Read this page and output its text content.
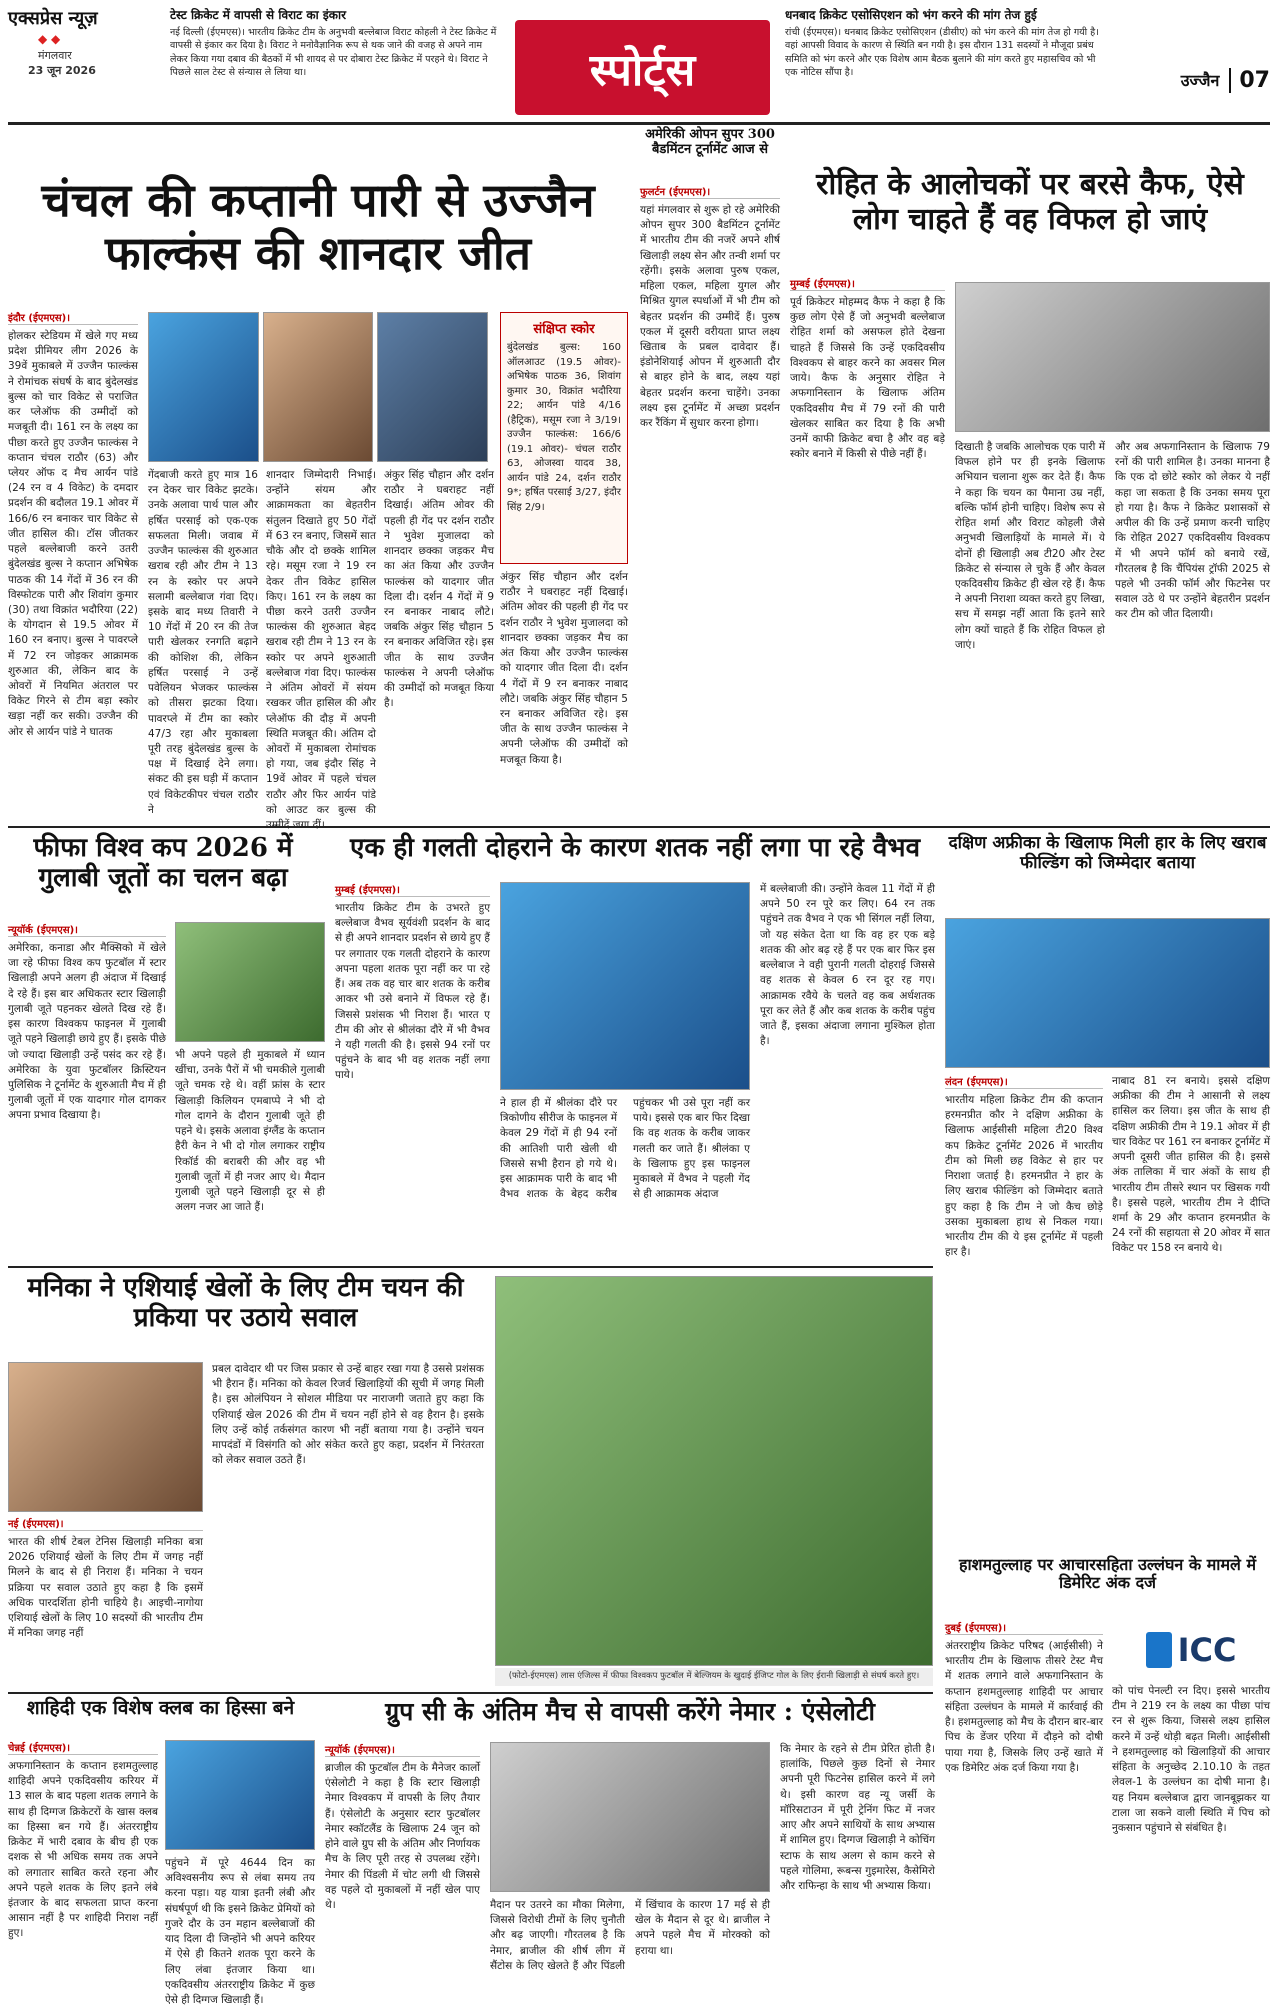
एक्सप्रेस न्यूज़
◆ ◆
मंगलवार
23 जून 2026
टेस्ट क्रिकेट में वापसी से विराट का इंकार

नई दिल्ली (ईएमएस)। भारतीय क्रिकेट टीम के अनुभवी बल्लेबाज विराट कोहली ने टेस्ट क्रिकेट में वापसी से इंकार कर दिया है। विराट ने मनोवैज्ञानिक रूप से थक जाने की वजह से अपने नाम लेकर किया गया दबाव की बैठकों में भी शायद से पर दोबारा टेस्ट क्रिकेट में परहने थे। विराट ने पिछले साल टेस्ट से संन्यास ले लिया था।	स्पोर्ट्स
धनबाद क्रिकेट एसोसिएशन को भंग करने की मांग तेज हुई

रांची (ईएमएस)। धनबाद क्रिकेट एसोसिएशन (डीसीए) को भंग करने की मांग तेज हो गयी है। वहां आपसी विवाद के कारण से स्थिति बन गयी है। इस दौरान 131 सदस्यों ने मौजूदा प्रबंध समिति को भंग करने और एक विशेष आम बैठक बुलाने की मांग करते हुए महासचिव को भी एक नोटिस सौंपा है।	उज्जैन 07
चंचल की कप्तानी पारी से उज्जैन फाल्कंस की शानदार जीत
इंदौर (ईएमएस)।
होलकर स्टेडियम में खेले गए मध्य प्रदेश प्रीमियर लीग 2026 के 39वें मुकाबले में उज्जैन फाल्कंस ने रोमांचक संघर्ष के बाद बुंदेलखंड बुल्स को चार विकेट से पराजित कर प्लेऑफ की उम्मीदों को मजबूती दी। 161 रन के लक्ष्य का पीछा करते हुए उज्जैन फाल्कंस ने कप्तान चंचल राठौर (63) और प्लेयर ऑफ द मैच आर्यन पांडे (24 रन व 4 विकेट) के दमदार प्रदर्शन की बदौलत 19.1 ओवर में 166/6 रन बनाकर चार विकेट से जीत हासिल की। टॉस जीतकर पहले बल्लेबाजी करने उतरी बुंदेलखंड बुल्स ने कप्तान अभिषेक पाठक की 14 गेंदों में 36 रन की विस्फोटक पारी और शिवांग कुमार (30) तथा विक्रांत भदौरिया (22) के योगदान से 19.5 ओवर में 160 रन बनाए। बुल्स ने पावरप्ले में 72 रन जोड़कर आक्रामक शुरुआत की, लेकिन बाद के ओवरों में नियमित अंतराल पर विकेट गिरने से टीम बड़ा स्कोर खड़ा नहीं कर सकी। उज्जैन की ओर से आर्यन पांडे ने घातक
गेंदबाजी करते हुए मात्र 16 रन देकर चार विकेट झटके। उनके अलावा पार्थ पाल और हर्षित परसाई को एक-एक सफलता मिली। जवाब में उज्जैन फाल्कंस की शुरुआत खराब रही और टीम ने 13 रन के स्कोर पर अपने सलामी बल्लेबाज गंवा दिए। इसके बाद मध्य तिवारी ने 10 गेंदों में 20 रन की तेज पारी खेलकर रनगति बढ़ाने की कोशिश की, लेकिन हर्षित परसाई ने उन्हें पवेलियन भेजकर फाल्कंस को तीसरा झटका दिया। पावरप्ले में टीम का स्कोर 47/3 रहा और मुकाबला पूरी तरह बुंदेलखंड बुल्स के पक्ष में दिखाई देने लगा। संकट की इस घड़ी में कप्तान एवं विकेटकीपर चंचल राठौर ने
शानदार जिम्मेदारी निभाई। उन्होंने संयम और आक्रामकता का बेहतरीन संतुलन दिखाते हुए 50 गेंदों में 63 रन बनाए, जिसमें सात चौके और दो छक्के शामिल रहे। मसूम रजा ने 19 रन देकर तीन विकेट हासिल किए। 161 रन के लक्ष्य का पीछा करने उतरी उज्जैन फाल्कंस की शुरुआत बेहद खराब रही टीम ने 13 रन के स्कोर पर अपने शुरुआती बल्लेबाज गंवा दिए। फाल्कंस ने अंतिम ओवरों में संयम रखकर जीत हासिल की और प्लेऑफ की दौड़ में अपनी स्थिति मजबूत की। अंतिम दो ओवरों में मुकाबला रोमांचक हो गया, जब इंदौर सिंह ने 19वें ओवर में पहले चंचल राठौर और फिर आर्यन पांडे को आउट कर बुल्स की
अंकुर सिंह चौहान और दर्शन राठौर ने घबराहट नहीं दिखाई। अंतिम ओवर की पहली ही गेंद पर दर्शन राठौर ने भुवेश मुजालदा को शानदार छक्का जड़कर मैच का अंत किया और उज्जैन फाल्कंस को यादगार जीत दिला दी। दर्शन 4 गेंदों में 9 रन बनाकर नाबाद लौटे। जबकि अंकुर सिंह चौहान 5 रन बनाकर अविजित रहे। इस जीत के साथ उज्जैन फाल्कंस ने अपनी प्लेऑफ की उम्मीदों को मजबूत किया है।
संक्षिप्त स्कोर
बुंदेलखंड बुल्स: 160 ऑलआउट (19.5 ओवर)- अभिषेक पाठक 36, शिवांग कुमार 30, विक्रांत भदौरिया 22; आर्यन पांडे 4/16 (हैट्रिक), मसूम रजा ने 3/19। उज्जैन फाल्कंस: 166/6 (19.1 ओवर)- चंचल राठौर 63, ओजस्वा यादव 38, आर्यन पांडे 24, दर्शन राठौर 9*; हर्षित परसाई 3/27, इंदौर सिंह 2/9।
अंकुर सिंह चौहान और दर्शन राठौर ने घबराहट नहीं दिखाई। अंतिम ओवर की पहली ही गेंद पर दर्शन राठौर ने भुवेश मुजालदा को शानदार छक्का जड़कर मैच का अंत किया और उज्जैन फाल्कंस को यादगार जीत दिला दी। दर्शन 4 गेंदों में 9 रन बनाकर नाबाद लौटे। जबकि अंकुर सिंह चौहान 5 रन बनाकर अविजित रहे। इस जीत के साथ उज्जैन फाल्कंस ने अपनी प्लेऑफ की उम्मीदों को मजबूत किया है।
अमेरिकी ओपन सुपर 300 बैडमिंटन टूर्नामेंट आज से
फुलर्टन (ईएमएस)।
यहां मंगलवार से शुरू हो रहे अमेरिकी ओपन सुपर 300 बैडमिंटन टूर्नामेंट में भारतीय टीम की नजरें अपने शीर्ष खिलाड़ी लक्ष्य सेन और तन्वी शर्मा पर रहेंगी। इसके अलावा पुरुष एकल, महिला एकल, महिला युगल और मिश्रित युगल स्पर्धाओं में भी टीम को बेहतर प्रदर्शन की उम्मीदें हैं। पुरुष एकल में दूसरी वरीयता प्राप्त लक्ष्य खिताब के प्रबल दावेदार हैं। इंडोनेशियाई ओपन में शुरुआती दौर से बाहर होने के बाद, लक्ष्य यहां बेहतर प्रदर्शन करना चाहेंगे। उनका लक्ष्य इस टूर्नामेंट में अच्छा प्रदर्शन कर रैंकिंग में सुधार करना होगा।
रोहित के आलोचकों पर बरसे कैफ, ऐसे लोग चाहते हैं वह विफल हो जाएं
मुम्बई (ईएमएस)।
पूर्व क्रिकेटर मोहम्मद कैफ ने कहा है कि कुछ लोग ऐसे हैं जो अनुभवी बल्लेबाज रोहित शर्मा को असफल होते देखना चाहते हैं जिससे कि उन्हें एकदिवसीय विश्वकप से बाहर करने का अवसर मिल जाये। कैफ के अनुसार रोहित ने अफगानिस्तान के खिलाफ अंतिम एकदिवसीय मैच में 79 रनों की पारी खेलकर साबित कर दिया है कि अभी उनमें काफी क्रिकेट बचा है और वह बड़े स्कोर बनाने में किसी से पीछे नहीं हैं।
दिखाती है जबकि आलोचक एक पारी में विफल होने पर ही इनके खिलाफ अभियान चलाना शुरू कर देते हैं। कैफ ने कहा कि चयन का पैमाना उम्र नहीं, बल्कि फॉर्म होनी चाहिए। विशेष रूप से रोहित शर्मा और विराट कोहली जैसे अनुभवी खिलाड़ियों के मामले में। ये दोनों ही खिलाड़ी अब टी20 और टेस्ट क्रिकेट से संन्यास ले चुके हैं और केवल एकदिवसीय क्रिकेट ही खेल रहे हैं। कैफ ने अपनी निराशा व्यक्त करते हुए लिखा, सच में समझ नहीं आता कि इतने सारे लोग क्यों चाहते हैं कि रोहित विफल हो जाएं।
और अब अफगानिस्तान के खिलाफ 79 रनों की पारी शामिल है। उनका मानना है कि एक दो छोटे स्कोर को लेकर ये नहीं कहा जा सकता है कि उनका समय पूरा हो गया है। कैफ ने क्रिकेट प्रशासकों से अपील की कि उन्हें प्रमाण करनी चाहिए कि रोहित 2027 एकदिवसीय विश्वकप में भी अपने फॉर्म को बनाये रखें, गौरतलब है कि चैंपियंस ट्रॉफी 2025 से पहले भी उनकी फॉर्म और फिटनेस पर सवाल उठे थे पर उन्होंने बेहतरीन प्रदर्शन कर टीम को जीत दिलायी।
फीफा विश्व कप 2026 में गुलाबी जूतों का चलन बढ़ा
न्यूयॉर्क (ईएमएस)।
अमेरिका, कनाडा और मैक्सिको में खेले जा रहे फीफा विश्व कप फुटबॉल में स्टार खिलाड़ी अपने अलग ही अंदाज में दिखाई दे रहे हैं। इस बार अधिकतर स्टार खिलाड़ी गुलाबी जूते पहनकर खेलते दिख रहे हैं। इस कारण विश्वकप फाइनल में गुलाबी जूते पहने खिलाड़ी छाये हुए हैं। इसके पीछे जो ज्यादा खिलाड़ी उन्हें पसंद कर रहे हैं। अमेरिका के युवा फुटबॉलर क्रिस्टियन पुलिसिक ने टूर्नामेंट के शुरुआती मैच में ही गुलाबी जूतों में एक यादगार गोल दागकर अपना प्रभाव दिखाया है।
भी अपने पहले ही मुकाबले में ध्यान खींचा, उनके पैरों में भी चमकीले गुलाबी जूते चमक रहे थे। वहीं फ्रांस के स्टार खिलाड़ी किलियन एमबाप्पे ने भी दो गोल दागने के दौरान गुलाबी जूते ही पहने थे। इसके अलावा इंग्लैंड के कप्तान हैरी केन ने भी दो गोल लगाकर राष्ट्रीय रिकॉर्ड की बराबरी की और वह भी गुलाबी जूतों में ही नजर आए थे। मैदान गुलाबी जूते पहने खिलाड़ी दूर से ही अलग नजर आ जाते हैं।
एक ही गलती दोहराने के कारण शतक नहीं लगा पा रहे वैभव
मुम्बई (ईएमएस)।
भारतीय क्रिकेट टीम के उभरते हुए बल्लेबाज वैभव सूर्यवंशी प्रदर्शन के बाद से ही अपने शानदार प्रदर्शन से छाये हुए हैं पर लगातार एक गलती दोहराने के कारण अपना पहला शतक पूरा नहीं कर पा रहे हैं। अब तक वह चार बार शतक के करीब आकर भी उसे बनाने में विफल रहे हैं। जिससे प्रशंसक भी निराश हैं। भारत ए टीम की ओर से श्रीलंका दौरे में भी वैभव ने यही गलती की है। इससे 94 रनों पर पहुंचने के बाद भी वह शतक नहीं लगा पाये।
ने हाल ही में श्रीलंका दौरे पर त्रिकोणीय सीरीज के फाइनल में केवल 29 गेंदों में ही 94 रनों की आतिशी पारी खेली थी जिससे सभी हैरान हो गये थे। इस आक्रामक पारी के बाद भी वैभव शतक के बेहद करीब पहुंचकर भी उसे पूरा नहीं कर पाये। इससे एक बार फिर दिखा कि वह शतक के करीब जाकर गलती कर जाते हैं। श्रीलंका ए के खिलाफ हुए इस फाइनल मुकाबले में वैभव ने पहली गेंद से ही आक्रामक अंदाज
में बल्लेबाजी की। उन्होंने केवल 11 गेंदों में ही अपने 50 रन पूरे कर लिए। 64 रन तक पहुंचने तक वैभव ने एक भी सिंगल नहीं लिया, जो यह संकेत देता था कि वह हर एक बड़े शतक की ओर बढ़ रहे हैं पर एक बार फिर इस बल्लेबाज ने वही पुरानी गलती दोहराई जिससे वह शतक से केवल 6 रन दूर रह गए। आक्रामक रवैये के चलते वह कब अर्धशतक पूरा कर लेते हैं और कब शतक के करीब पहुंच जाते हैं, इसका अंदाजा लगाना मुश्किल होता है।
दक्षिण अफ्रीका के खिलाफ मिली हार के लिए खराब फील्डिंग को जिम्मेदार बताया
लंदन (ईएमएस)।
भारतीय महिला क्रिकेट टीम की कप्तान हरमनप्रीत कौर ने दक्षिण अफ्रीका के खिलाफ आईसीसी महिला टी20 विश्व कप क्रिकेट टूर्नामेंट 2026 में भारतीय टीम को मिली छह विकेट से हार पर निराशा जताई है। हरमनप्रीत ने हार के लिए खराब फील्डिंग को जिम्मेदार बताते हुए कहा है कि टीम ने जो कैच छोड़े उसका मुकाबला हाथ से निकल गया। भारतीय टीम की ये इस टूर्नामेंट में पहली हार है।
नाबाद 81 रन बनाये। इससे दक्षिण अफ्रीका की टीम ने आसानी से लक्ष्य हासिल कर लिया। इस जीत के साथ ही दक्षिण अफ्रीकी टीम ने 19.1 ओवर में ही चार विकेट पर 161 रन बनाकर टूर्नामेंट में अपनी दूसरी जीत हासिल की है। इससे अंक तालिका में चार अंकों के साथ ही भारतीय टीम तीसरे स्थान पर खिसक गयी है। इससे पहले, भारतीय टीम ने दीप्ति शर्मा के 29 और कप्तान हरमनप्रीत के 24 रनों की सहायता से 20 ओवर में सात विकेट पर 158 रन बनाये थे।
मनिका ने एशियाई खेलों के लिए टीम चयन की प्रकिया पर उठाये सवाल
नई (ईएमएस)।
भारत की शीर्ष टेबल टेनिस खिलाड़ी मनिका बत्रा 2026 एशियाई खेलों के लिए टीम में जगह नहीं मिलने के बाद से ही निराश हैं। मनिका ने चयन प्रक्रिया पर सवाल उठाते हुए कहा है कि इसमें अधिक पारदर्शिता होनी चाहिये है। आइची-नागोया एशियाई खेलों के लिए 10 सदस्यों की भारतीय टीम में मनिका जगह नहीं
प्रबल दावेदार थी पर जिस प्रकार से उन्हें बाहर रखा गया है उससे प्रशंसक भी हैरान हैं। मनिका को केवल रिजर्व खिलाड़ियों की सूची में जगह मिली है। इस ओलंपियन ने सोशल मीडिया पर नाराजगी जताते हुए कहा कि एशियाई खेल 2026 की टीम में चयन नहीं होने से वह हैरान है। इसके लिए उन्हें कोई तर्कसंगत कारण भी नहीं बताया गया है। उन्होंने चयन मापदंडों में विसंगति को ओर संकेत करते हुए कहा, प्रदर्शन में निरंतरता को लेकर सवाल उठते हैं।
(फोटो-ईएमएस) लास एंजिल्स में फीफा विश्वकप फुटबॉल में बेल्जियम के खुदाई ईजिप्ट गोल के लिए ईरानी खिलाड़ी से संघर्ष करते हुए।
हाशमतुल्लाह पर आचारसहिता उल्लंघन के मामले में डिमेरिट अंक दर्ज
दुबई (ईएमएस)।
अंतरराष्ट्रीय क्रिकेट परिषद (आईसीसी) ने भारतीय टीम के खिलाफ तीसरे टेस्ट मैच में शतक लगाने वाले अफगानिस्तान के कप्तान हशमतुल्लाह शाहिदी पर आचार संहिता उल्लंघन के मामले में कार्रवाई की है। हशमतुल्लाह को मैच के दौरान बार-बार पिच के डेंजर एरिया में दौड़ने को दोषी पाया गया है, जिसके लिए उन्हें खाते में एक डिमेरिट अंक दर्ज किया गया है।
ICC
को पांच पेनल्टी रन दिए। इससे भारतीय टीम ने 219 रन के लक्ष्य का पीछा पांच रन से शुरू किया, जिससे लक्ष्य हासिल करने में उन्हें थोड़ी बढ़त मिली। आईसीसी ने हशमतुल्लाह को खिलाड़ियों की आचार संहिता के अनुच्छेद 2.10.10 के तहत लेवल-1 के उल्लंघन का दोषी माना है। यह नियम बल्लेबाज द्वारा जानबूझकर या टाला जा सकने वाली स्थिति में पिच को नुकसान पहुंचाने से संबंधित है।
शाहिदी एक विशेष क्लब का हिस्सा बने
चेन्नई (ईएमएस)।
अफगानिस्तान के कप्तान हशमतुल्लाह शाहिदी अपने एकदिवसीय करियर में 13 साल के बाद पहला शतक लगाने के साथ ही दिग्गज क्रिकेटरों के खास क्लब का हिस्सा बन गये हैं। अंतरराष्ट्रीय क्रिकेट में भारी दबाव के बीच ही एक दशक से भी अधिक समय तक अपने को लगातार साबित करते रहना और अपने पहले शतक के लिए इतने लंबे इंतजार के बाद सफलता प्राप्त करना आसान नहीं है पर शाहिदी निराश नहीं हुए।
पहुंचने में पूरे 4644 दिन का अविश्वसनीय रूप से लंबा समय तय करना पड़ा। यह यात्रा इतनी लंबी और संघर्षपूर्ण थी कि इसने क्रिकेट प्रेमियों को गुजरे दौर के उन महान बल्लेबाजों की याद दिला दी जिन्होंने भी अपने करियर में ऐसे ही कितने शतक पूरा करने के लिए लंबा इंतजार किया था। एकदिवसीय अंतरराष्ट्रीय क्रिकेट में कुछ ऐसे ही दिग्गज खिलाड़ी हैं।
ग्रुप सी के अंतिम मैच से वापसी करेंगे नेमार : एंसेलोटी
न्यूयॉर्क (ईएमएस)।
ब्राजील की फुटबॉल टीम के मैनेजर कार्लो एंसेलोटी ने कहा है कि स्टार खिलाड़ी नेमार विश्वकप में वापसी के लिए तैयार हैं। एंसेलोटी के अनुसार स्टार फुटबॉलर नेमार स्कॉटलैंड के खिलाफ 24 जून को होने वाले ग्रुप सी के अंतिम और निर्णायक मैच के लिए पूरी तरह से उपलब्ध रहेंगे। नेमार की पिंडली में चोट लगी थी जिससे वह पहले दो मुकाबलों में नहीं खेल पाए थे।	मैदान पर उतरने का मौका मिलेगा, जिससे विरोधी टीमों के लिए चुनौती और बढ़ जाएगी। गौरतलब है कि नेमार, ब्राजील की शीर्ष लीग में सैंटोस के लिए खेलते हैं और पिंडली में खिंचाव के कारण 17 मई से ही खेल के मैदान से दूर थे। ब्राजील ने अपने पहले मैच में मोरक्को को हराया था।
कि नेमार के रहने से टीम प्रेरित होती है। हालांकि, पिछले कुछ दिनों से नेमार अपनी पूरी फिटनेस हासिल करने में लगे थे। इसी कारण वह न्यू जर्सी के मॉरिसटाउन में पूरी ट्रेनिंग फिट में नजर आए और अपने साथियों के साथ अभ्यास में शामिल हुए। दिग्गज खिलाड़ी ने कोचिंग स्टाफ के साथ अलग से काम करने से पहले गोलिमा, रूबन्स गुइमारेस, कैसेमिरो और राफिन्हा के साथ भी अभ्यास किया।
